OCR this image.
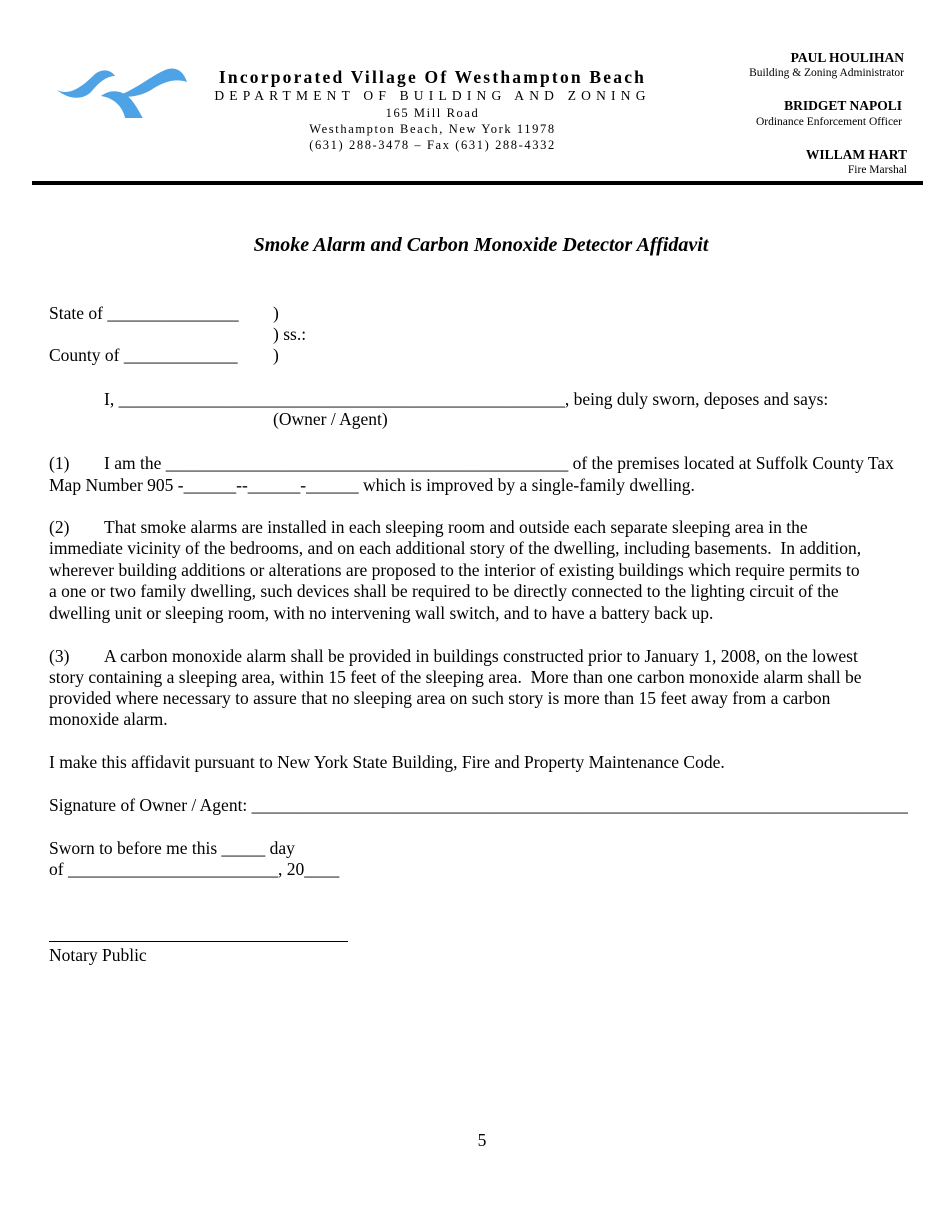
Incorporated Village Of Westhampton Beach
DEPARTMENT OF BUILDING AND ZONING
165 Mill Road
Westhampton Beach, New York 11978
(631) 288-3478 – Fax (631) 288-4332
PAUL HOULIHAN
Building & Zoning Administrator
BRIDGET NAPOLI
Ordinance Enforcement Officer
WILLAM HART
Fire Marshal
Smoke Alarm and Carbon Monoxide Detector Affidavit
State of _______________ )
) ss.:
County of _____________ )
I, ___________________________________________________, being duly sworn, deposes and says:
(Owner / Agent)
(1) I am the ______________________________________________ of the premises located at Suffolk County Tax
Map Number 905 -______--______-______ which is improved by a single-family dwelling.
(2) That smoke alarms are installed in each sleeping room and outside each separate sleeping area in the
immediate vicinity of the bedrooms, and on each additional story of the dwelling, including basements.  In addition,
wherever building additions or alterations are proposed to the interior of existing buildings which require permits to
a one or two family dwelling, such devices shall be required to be directly connected to the lighting circuit of the
dwelling unit or sleeping room, with no intervening wall switch, and to have a battery back up.
(3) A carbon monoxide alarm shall be provided in buildings constructed prior to January 1, 2008, on the lowest
story containing a sleeping area, within 15 feet of the sleeping area.  More than one carbon monoxide alarm shall be
provided where necessary to assure that no sleeping area on such story is more than 15 feet away from a carbon
monoxide alarm.
I make this affidavit pursuant to New York State Building, Fire and Property Maintenance Code.
Signature of Owner / Agent: ___________________________________________________________________________
Sworn to before me this _____ day
of ________________________, 20____
Notary Public
5
